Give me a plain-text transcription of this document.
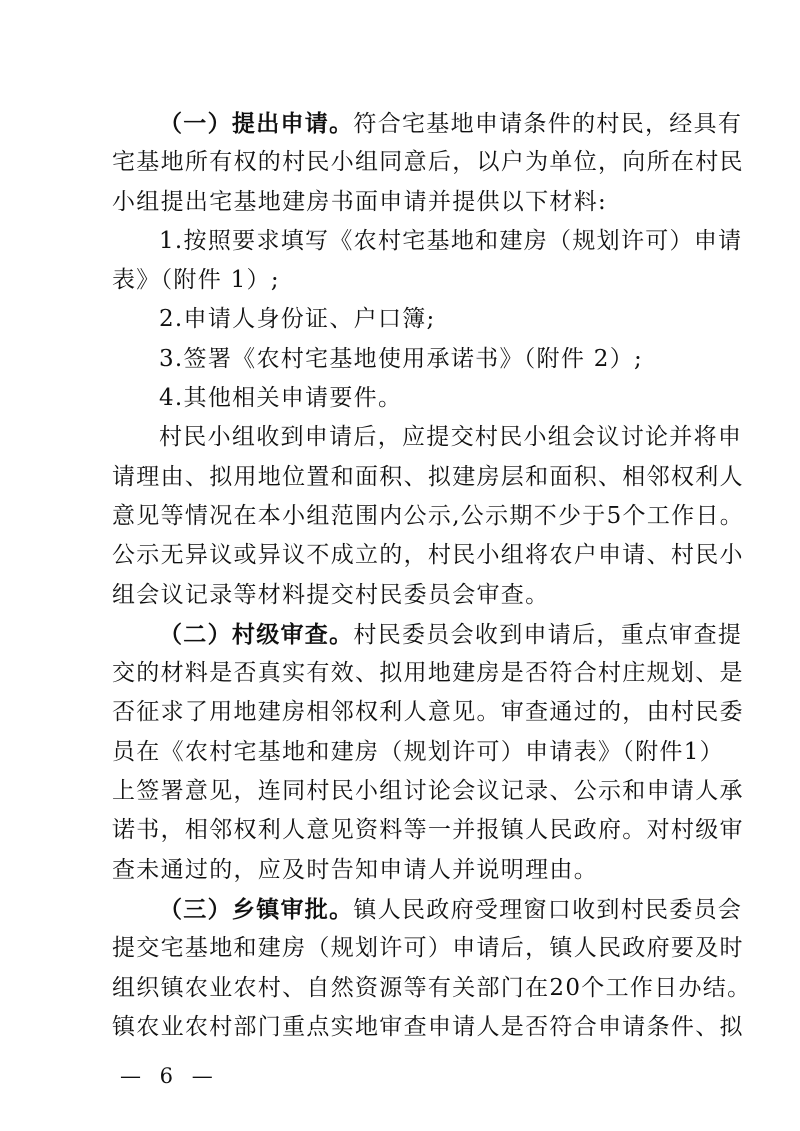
（一）提出申请。符合宅基地申请条件的村民，经具有
宅基地所有权的村民小组同意后，以户为单位，向所在村民
小组提出宅基地建房书面申请并提供以下材料:
1.按照要求填写《农村宅基地和建房（规划许可）申请
表》（附件 1）;
2.申请人身份证、户口簿;
3.签署《农村宅基地使用承诺书》（附件 2）;
4.其他相关申请要件。
村民小组收到申请后，应提交村民小组会议讨论并将申
请理由、拟用地位置和面积、拟建房层和面积、相邻权利人
意见等情况在本小组范围内公示,公示期不少于5个工作日。
公示无异议或异议不成立的，村民小组将农户申请、村民小
组会议记录等材料提交村民委员会审查。
（二）村级审查。村民委员会收到申请后，重点审查提
交的材料是否真实有效、拟用地建房是否符合村庄规划、是
否征求了用地建房相邻权利人意见。审查通过的，由村民委
员在《农村宅基地和建房（规划许可）申请表》（附件1）
上签署意见，连同村民小组讨论会议记录、公示和申请人承
诺书，相邻权利人意见资料等一并报镇人民政府。对村级审
查未通过的，应及时告知申请人并说明理由。
（三）乡镇审批。镇人民政府受理窗口收到村民委员会
提交宅基地和建房（规划许可）申请后，镇人民政府要及时
组织镇农业农村、自然资源等有关部门在20个工作日办结。
镇农业农村部门重点实地审查申请人是否符合申请条件、拟
— 6 —
